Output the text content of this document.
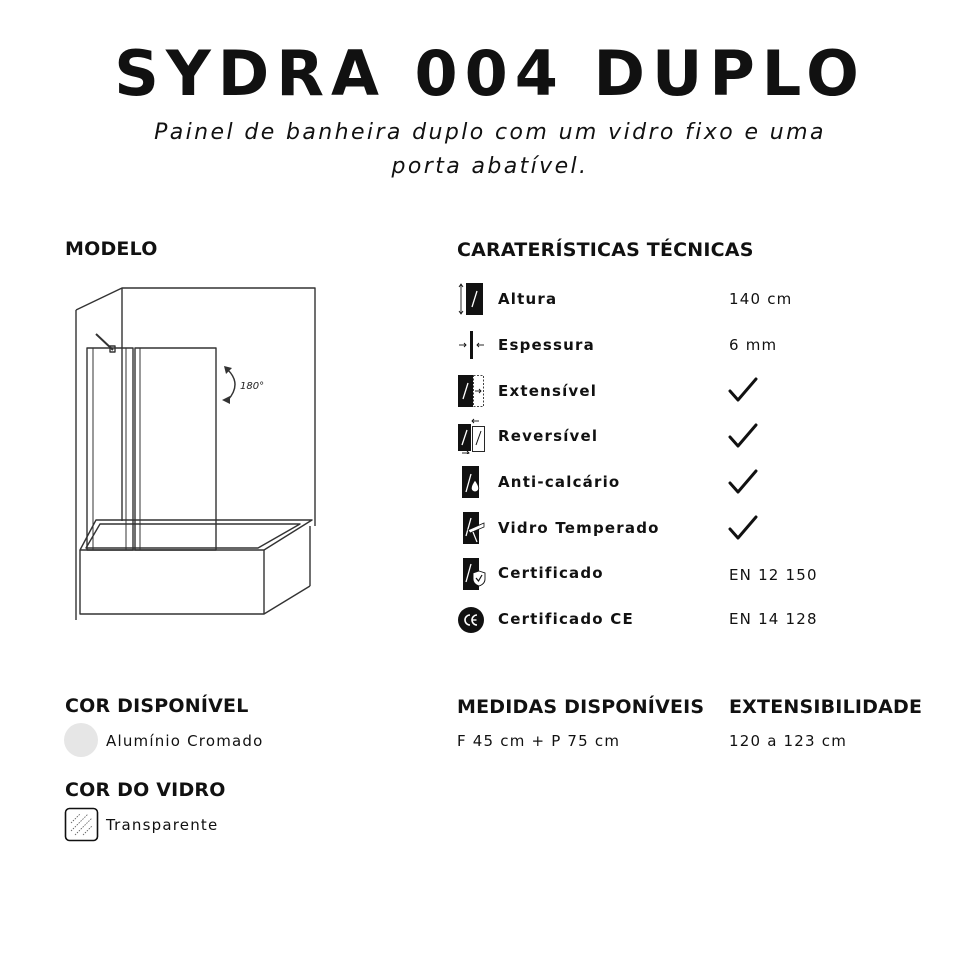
SYDRA 004 DUPLO
Painel de banheira duplo com um vidro fixo e uma
porta abatível.
MODELO
180°
CARATERÍSTICAS TÉCNICAS
Altura	140 cm
Espessura	6 mm
Extensível
Reversível
Anti-calcário
Vidro Temperado
Certificado	EN 12 150
Certificado CE	EN 14 128
COR DISPONÍVEL
Alumínio Cromado
COR DO VIDRO
Transparente
MEDIDAS DISPONÍVEIS
F 45 cm + P 75 cm
EXTENSIBILIDADE
120 a 123 cm
